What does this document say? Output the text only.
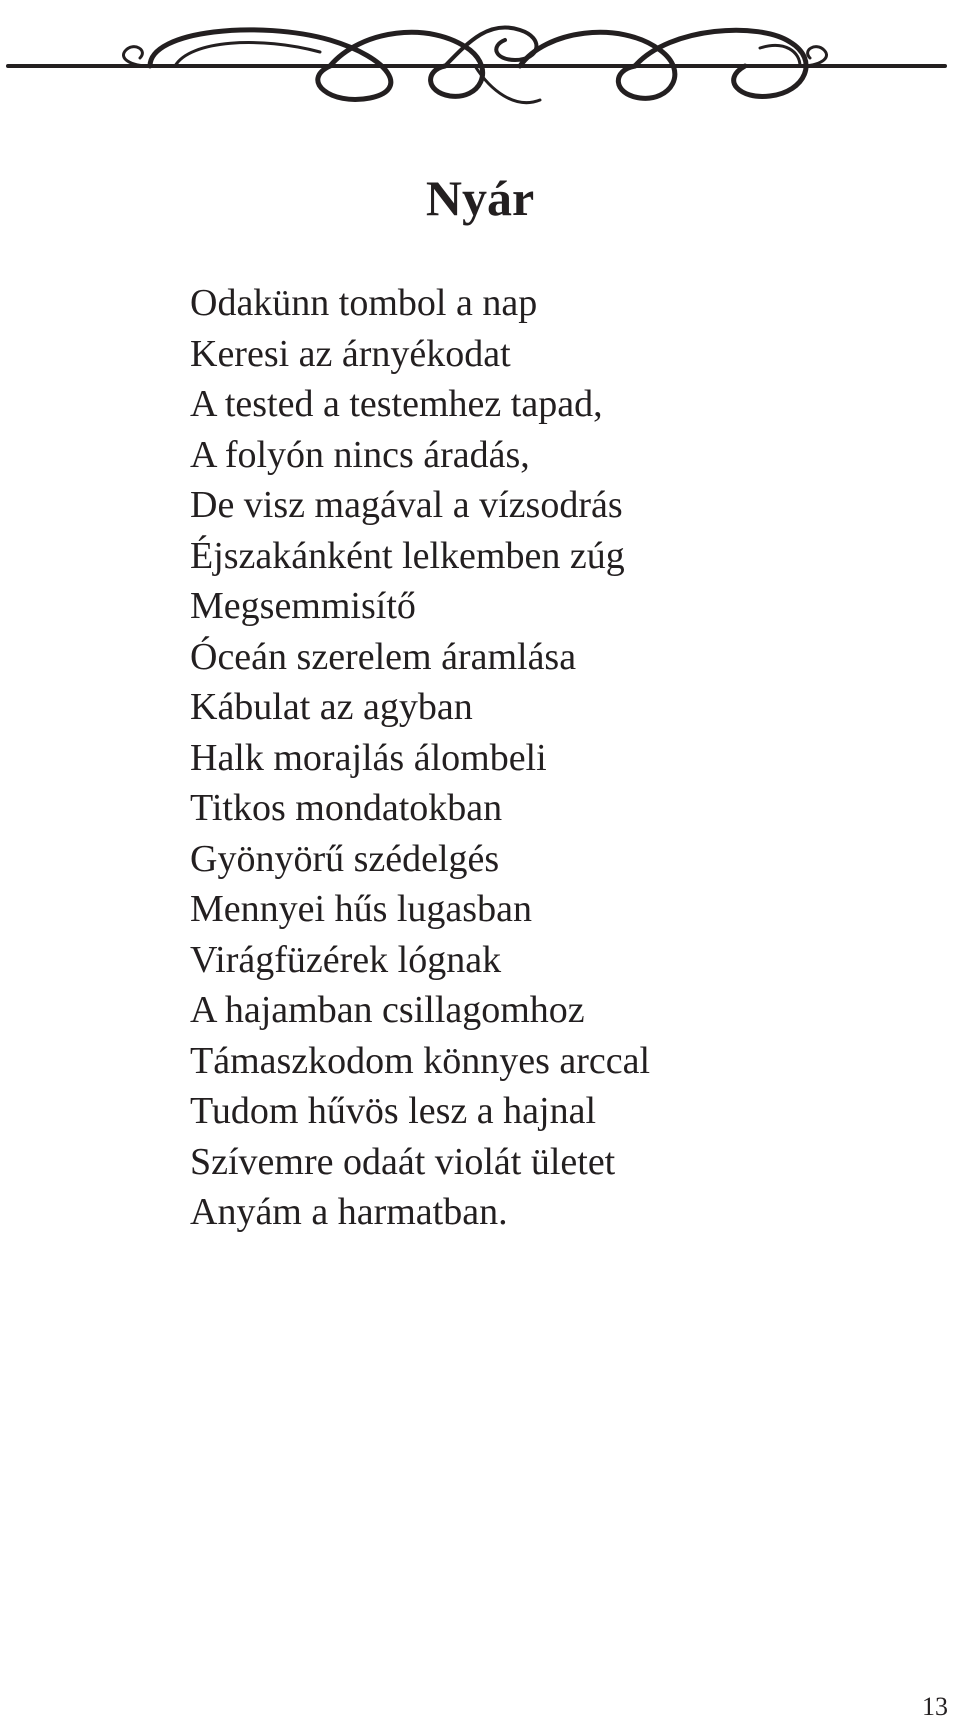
Nyár
Odakünn tombol a nap
Keresi az árnyékodat
A tested a testemhez tapad,
A folyón nincs áradás,
De visz magával a vízsodrás
Éjszakánként lelkemben zúg
Megsemmisítő
Óceán szerelem áramlása
Kábulat az agyban
Halk morajlás álombeli
Titkos mondatokban
Gyönyörű szédelgés
Mennyei hűs lugasban
Virágfüzérek lógnak
A hajamban csillagomhoz
Támaszkodom könnyes arccal
Tudom hűvös lesz a hajnal
Szívemre odaát violát ületet
Anyám a harmatban.
13
